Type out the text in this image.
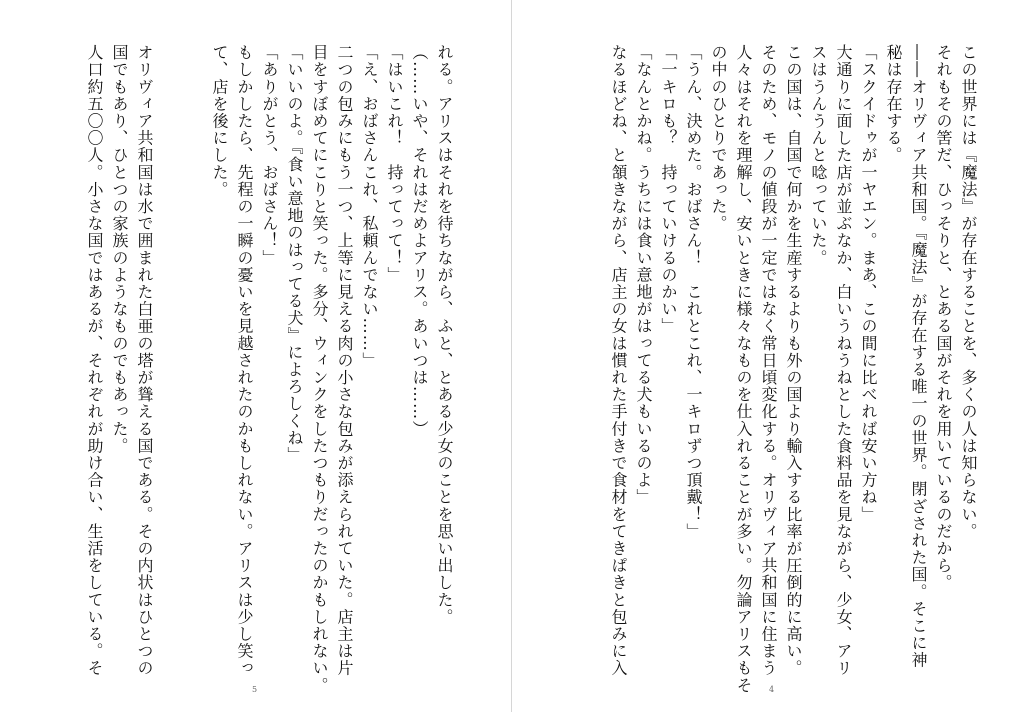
れる。アリスはそれを待ちながら、ふと、とある少女のことを思い出した。
（……いや、それはだめよアリス。あいつは……）
「はいこれ！　持ってって！」
「え、おばさんこれ、私頼んでない……」
二つの包みにもう一つ、上等に見える肉の小さな包みが添えられていた。店主は片
目をすぼめてにこりと笑った。多分、ウィンクをしたつもりだったのかもしれない。
「いいのよ。『食い意地のはってる犬』によろしくね」
「ありがとう、おばさん！」
もしかしたら、先程の一瞬の憂いを見越されたのかもしれない。アリスは少し笑っ
て、店を後にした。

オリヴィア共和国は水で囲まれた白亜の塔が聳える国である。その内状はひとつの
国でもあり、ひとつの家族のようなものでもあった。
人口約五〇〇人。小さな国ではあるが、それぞれが助け合い、生活をしている。そ

5

この世界には『魔法』が存在することを、多くの人は知らない。
それもその筈だ、ひっそりと、とある国がそれを用いているのだから。
――オリヴィア共和国。『魔法』が存在する唯一の世界。閉ざされた国。そこに神
秘は存在する。
「スクイドゥが一ヤエン。まあ、この間に比べれば安い方ね」
大通りに面した店が並ぶなか、白いうねうねとした食料品を見ながら、少女、アリ
スはうんうんと唸っていた。
この国は、自国で何かを生産するよりも外の国より輸入する比率が圧倒的に高い。
そのため、モノの値段が一定ではなく常日頃変化する。オリヴィア共和国に住まう
人々はそれを理解し、安いときに様々なものを仕入れることが多い。勿論アリスもそ
の中のひとりであった。
「うん、決めた。おばさん！　これとこれ、一キロずつ頂戴！」
「一キロも？　持っていけるのかい」
「なんとかね。うちには食い意地がはってる犬もいるのよ」
なるほどね、と頷きながら、店主の女は慣れた手付きで食材をてきぱきと包みに入

4
